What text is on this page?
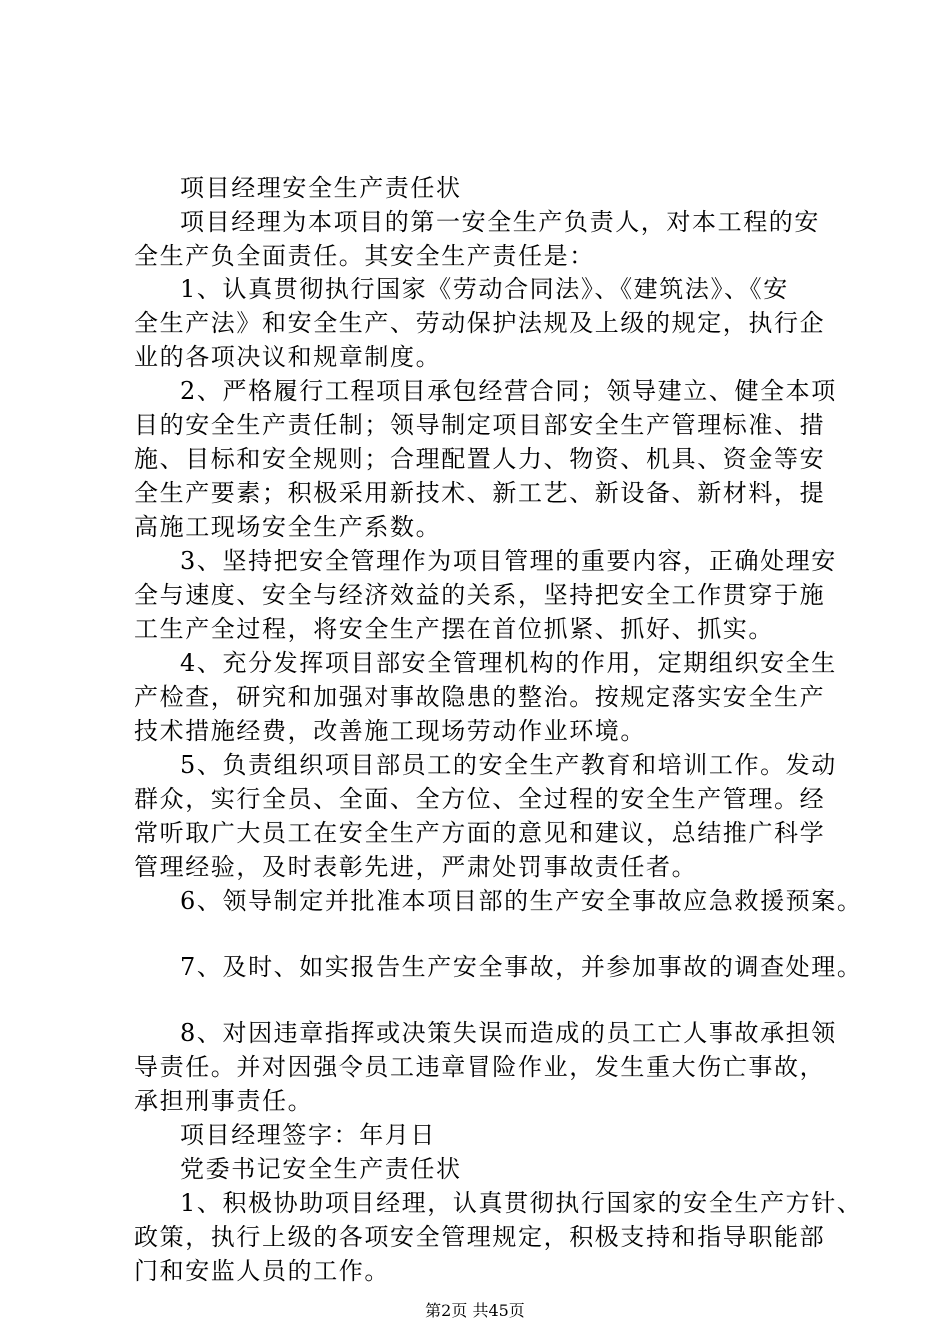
项目经理安全生产责任状
项目经理为本项目的第一安全生产负责人，对本工程的安
全生产负全面责任。其安全生产责任是：
1、认真贯彻执行国家《劳动合同法》、《建筑法》、《安
全生产法》和安全生产、劳动保护法规及上级的规定，执行企
业的各项决议和规章制度。
2、严格履行工程项目承包经营合同；领导建立、健全本项
目的安全生产责任制；领导制定项目部安全生产管理标准、措
施、目标和安全规则；合理配置人力、物资、机具、资金等安
全生产要素；积极采用新技术、新工艺、新设备、新材料，提
高施工现场安全生产系数。
3、坚持把安全管理作为项目管理的重要内容，正确处理安
全与速度、安全与经济效益的关系，坚持把安全工作贯穿于施
工生产全过程，将安全生产摆在首位抓紧、抓好、抓实。
4、充分发挥项目部安全管理机构的作用，定期组织安全生
产检查，研究和加强对事故隐患的整治。按规定落实安全生产
技术措施经费，改善施工现场劳动作业环境。
5、负责组织项目部员工的安全生产教育和培训工作。发动
群众，实行全员、全面、全方位、全过程的安全生产管理。经
常听取广大员工在安全生产方面的意见和建议，总结推广科学
管理经验，及时表彰先进，严肃处罚事故责任者。
6、领导制定并批准本项目部的生产安全事故应急救援预案。
7、及时、如实报告生产安全事故，并参加事故的调查处理。
8、对因违章指挥或决策失误而造成的员工亡人事故承担领
导责任。并对因强令员工违章冒险作业，发生重大伤亡事故，
承担刑事责任。
项目经理签字：年月日
党委书记安全生产责任状
1、积极协助项目经理，认真贯彻执行国家的安全生产方针、
政策，执行上级的各项安全管理规定，积极支持和指导职能部
门和安监人员的工作。
第2页 共45页
